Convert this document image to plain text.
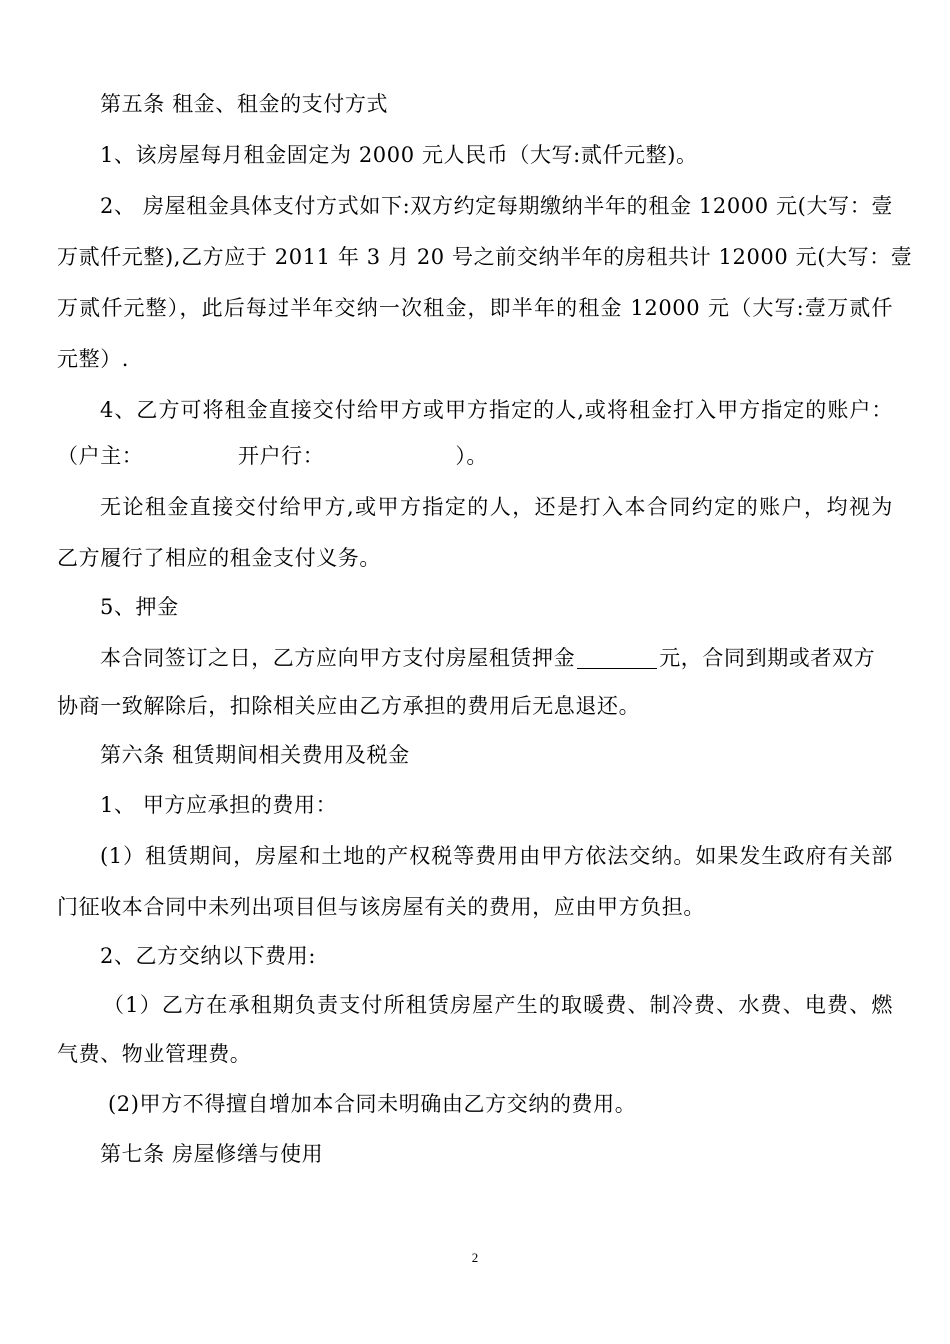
第五条 租金、租金的支付方式
1、该房屋每月租金固定为 2000 元人民币（大写:贰仟元整)。
2、 房屋租金具体支付方式如下:双方约定每期缴纳半年的租金 12000 元(大写：壹
万贰仟元整),乙方应于 2011 年 3 月 20 号之前交纳半年的房租共计 12000 元(大写：壹
万贰仟元整），此后每过半年交纳一次租金，即半年的租金 12000 元（大写:壹万贰仟
元整）.
4、乙方可将租金直接交付给甲方或甲方指定的人,或将租金打入甲方指定的账户：
（户主：             开户行：                  ）。
无论租金直接交付给甲方,或甲方指定的人，还是打入本合同约定的账户，均视为
乙方履行了相应的租金支付义务。
5、押金
本合同签订之日，乙方应向甲方支付房屋租赁押金	元，合同到期或者双方
协商一致解除后，扣除相关应由乙方承担的费用后无息退还。
第六条 租赁期间相关费用及税金
1、 甲方应承担的费用：
(1）租赁期间，房屋和土地的产权税等费用由甲方依法交纳。如果发生政府有关部
门征收本合同中未列出项目但与该房屋有关的费用，应由甲方负担。
2、乙方交纳以下费用:
（1）乙方在承租期负责支付所租赁房屋产生的取暖费、制冷费、水费、电费、燃
气费、物业管理费。
(2)甲方不得擅自增加本合同未明确由乙方交纳的费用。
第七条 房屋修缮与使用
2
